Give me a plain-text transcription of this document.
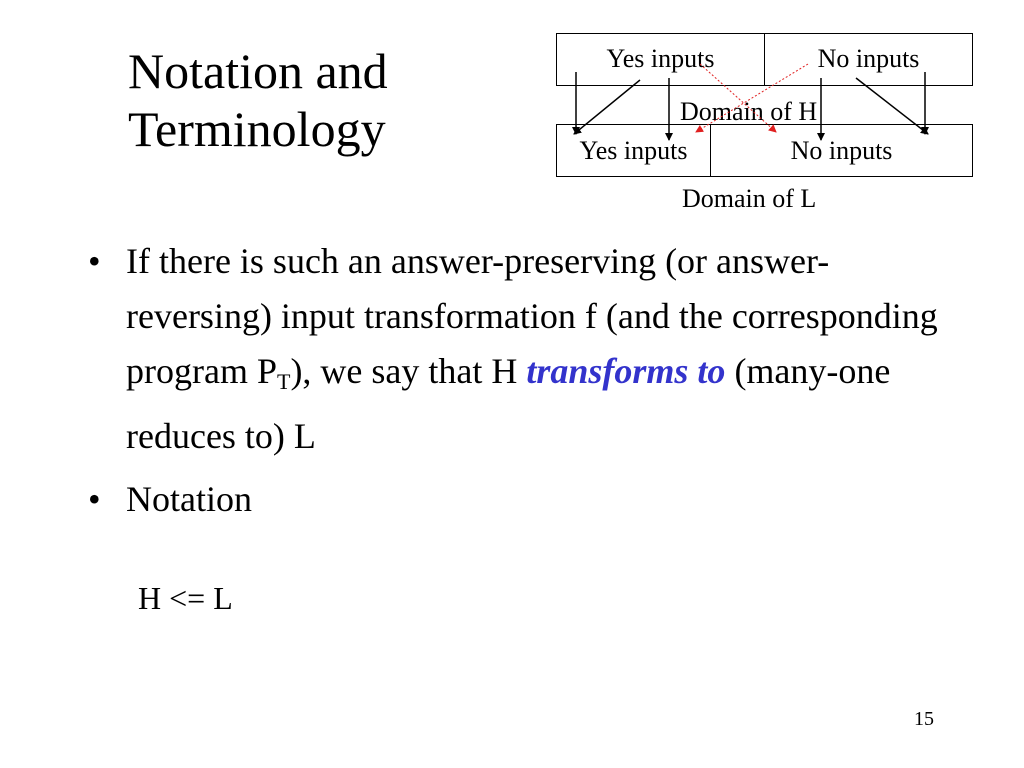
Notation and
Terminology
Yes inputs	No inputs
Domain of H
Yes inputs	No inputs
Domain of L
• If there is such an answer-preserving (or answer-reversing) input transformation f (and the corresponding program $P_T$), we say that H transforms to (many-one reduces to) L
• Notation
H <= L
15
